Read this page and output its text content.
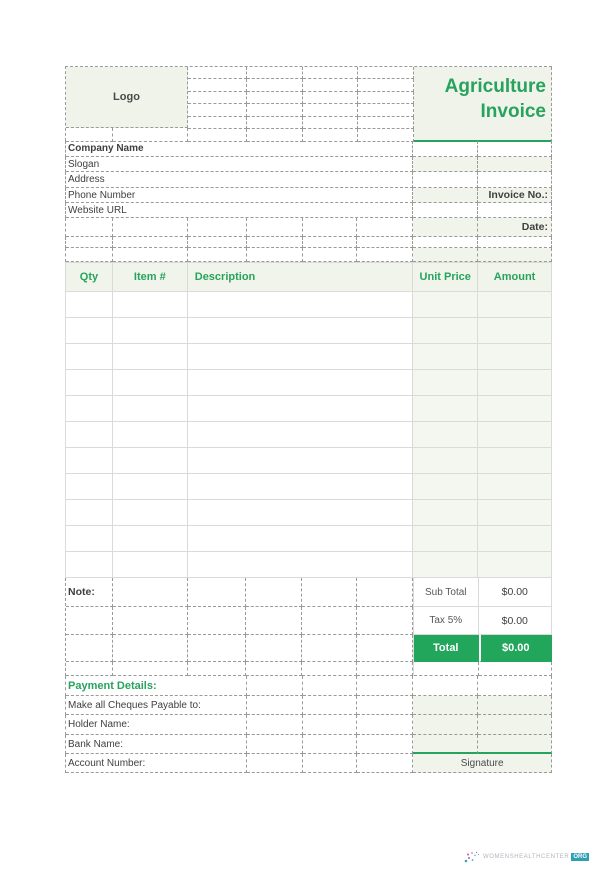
Logo	Agriculture
Invoice
Company Name
Slogan
Address
Phone Number	Invoice No.:
Website URL
Date:
Qty	Item #	Description	Unit Price	Amount
Note:	Sub Total	$0.00
Tax 5%	$0.00
Total	$0.00
Payment Details:
Make all Cheques Payable to:
Holder Name:
Bank Name:
Account Number:	Signature
WOMENSHEALTHCENTER ORG
